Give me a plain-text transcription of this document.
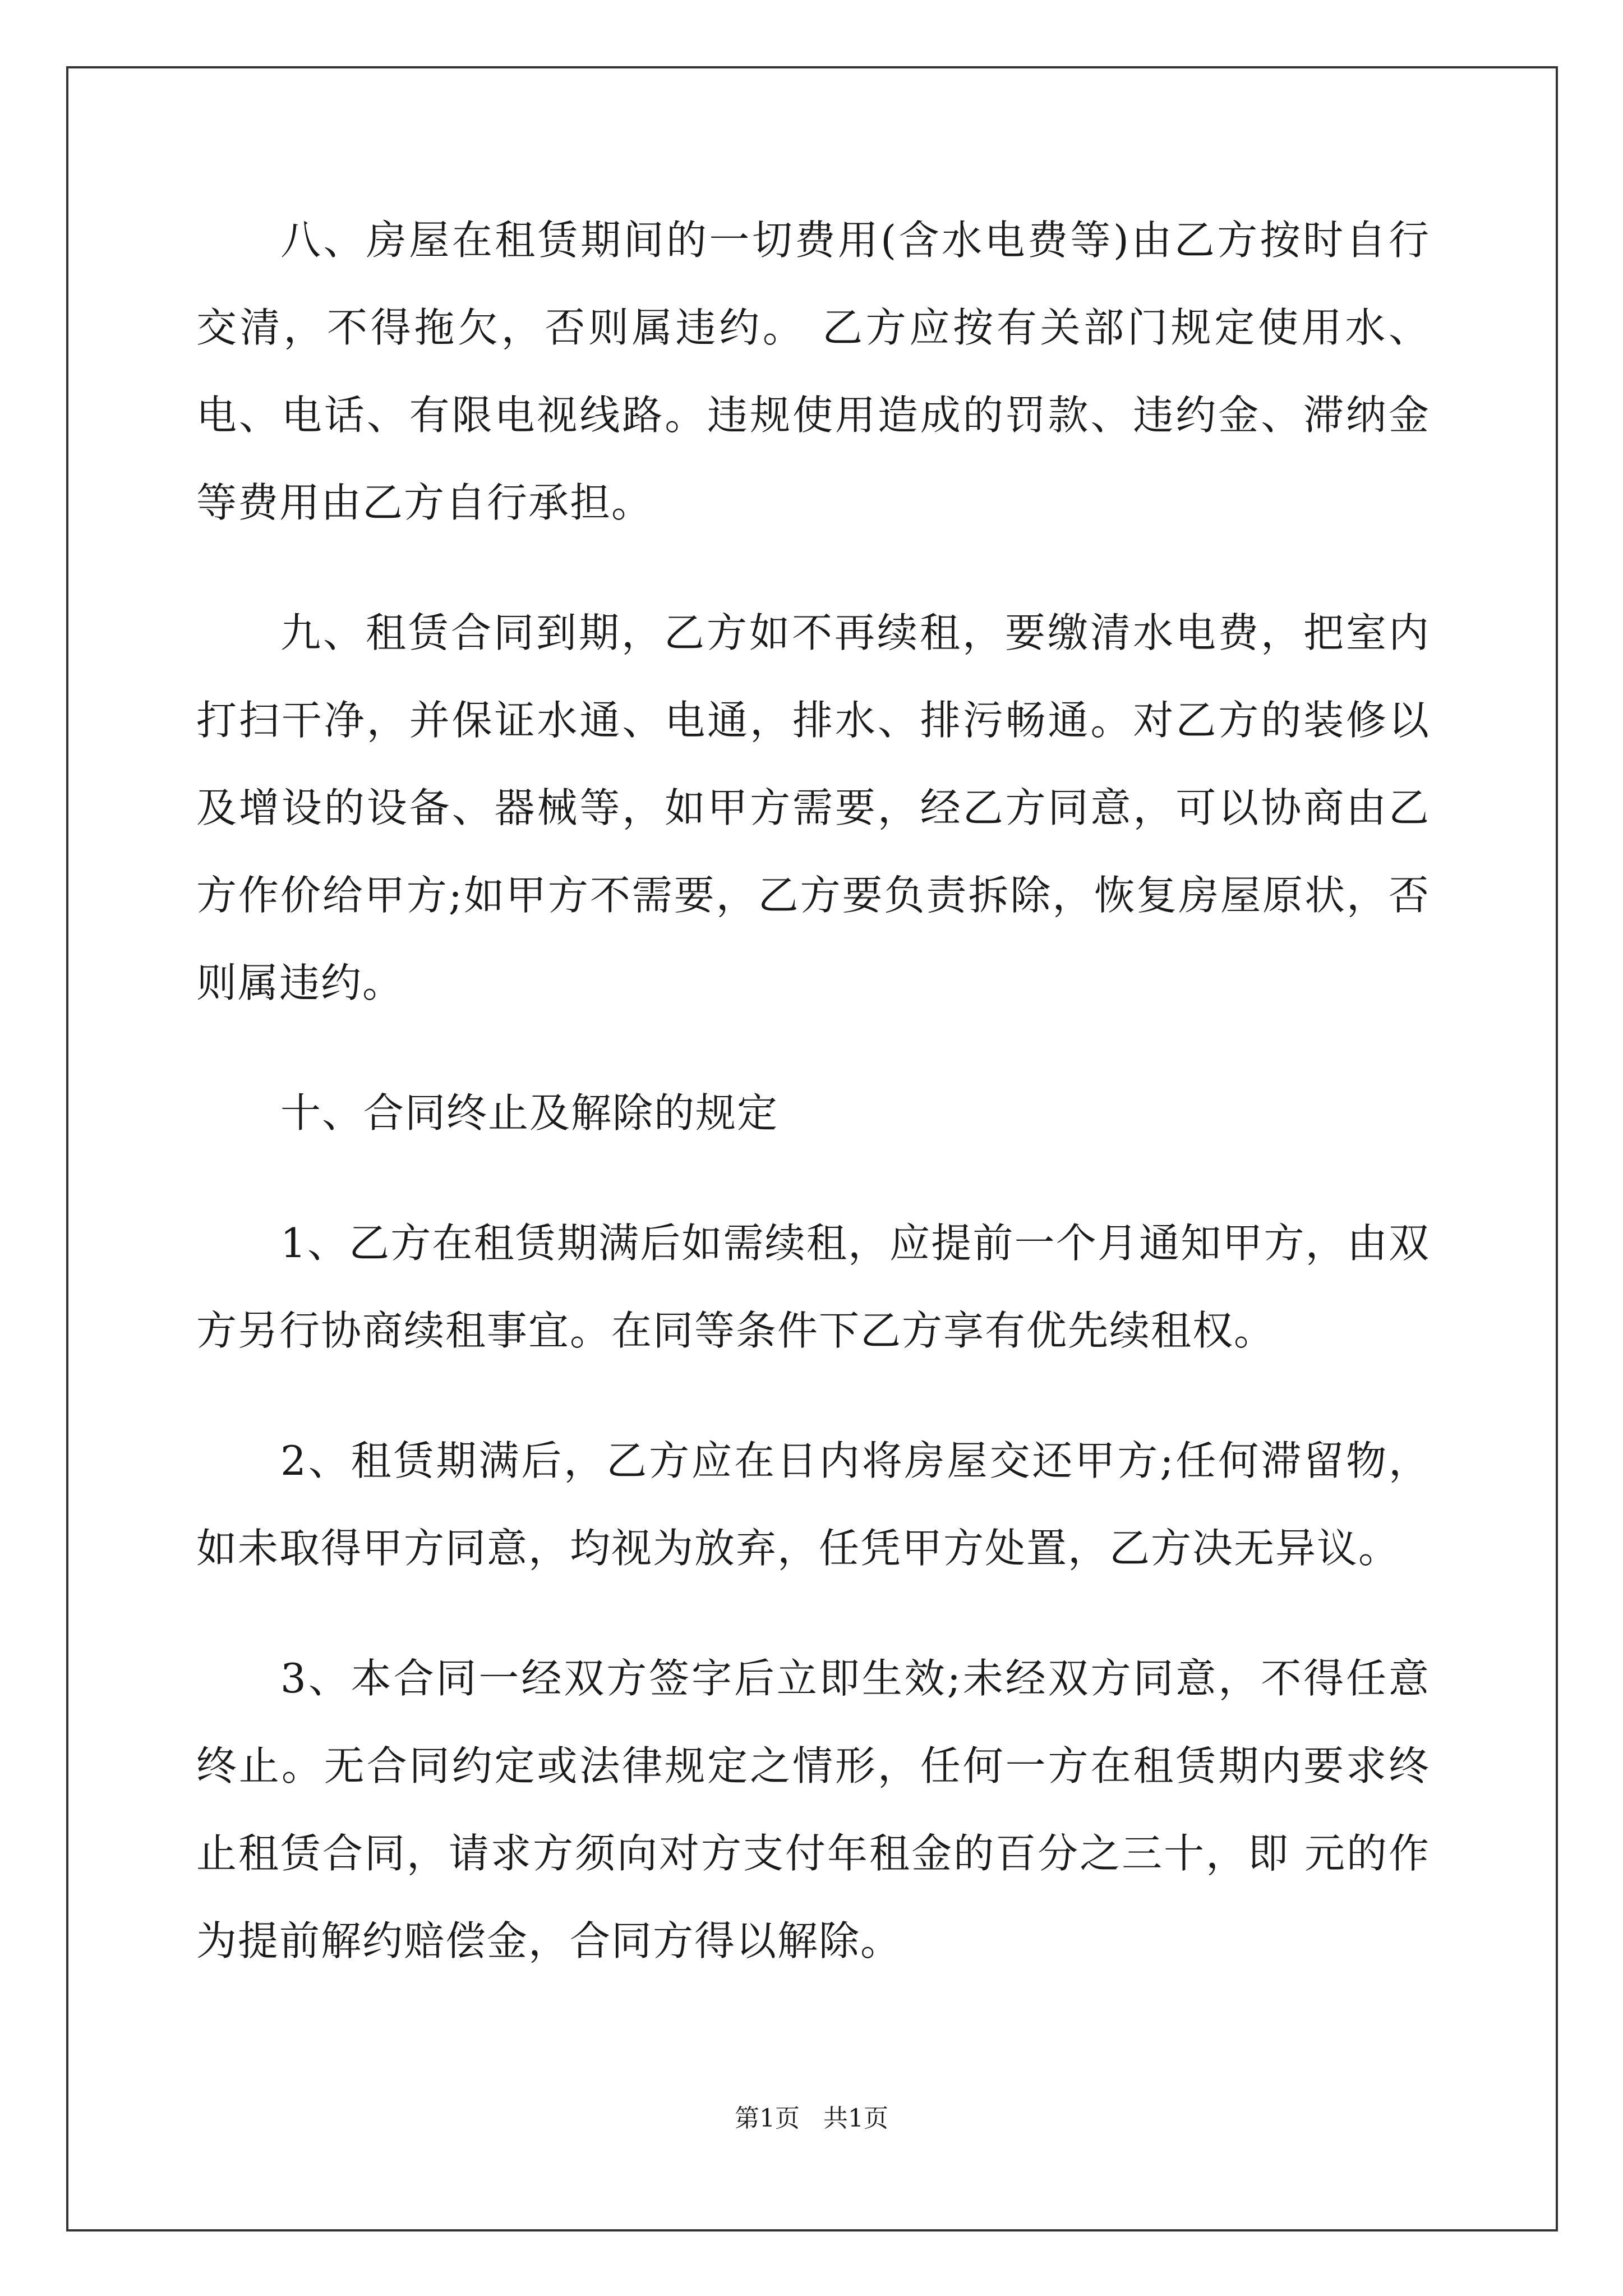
八、房屋在租赁期间的一切费用(含水电费等)由乙方按时自行交清，不得拖欠，否则属违约。 乙方应按有关部门规定使用水、电、电话、有限电视线路。违规使用造成的罚款、违约金、滞纳金等费用由乙方自行承担。

九、租赁合同到期，乙方如不再续租，要缴清水电费，把室内打扫干净，并保证水通、电通，排水、排污畅通。对乙方的装修以及增设的设备、器械等，如甲方需要，经乙方同意，可以协商由乙方作价给甲方;如甲方不需要，乙方要负责拆除，恢复房屋原状，否则属违约。

十、合同终止及解除的规定

1、乙方在租赁期满后如需续租，应提前一个月通知甲方，由双方另行协商续租事宜。在同等条件下乙方享有优先续租权。

2、租赁期满后，乙方应在日内将房屋交还甲方;任何滞留物，如未取得甲方同意，均视为放弃，任凭甲方处置，乙方决无异议。

3、本合同一经双方签字后立即生效;未经双方同意，不得任意终止。无合同约定或法律规定之情形，任何一方在租赁期内要求终止租赁合同，请求方须向对方支付年租金的百分之三十，即 元的作为提前解约赔偿金，合同方得以解除。

第1页   共1页
